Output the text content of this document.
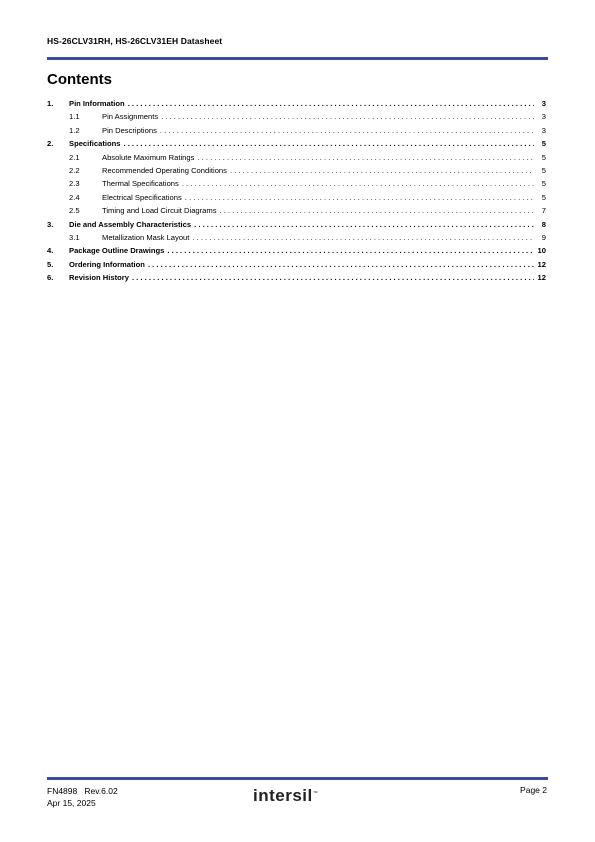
HS-26CLV31RH, HS-26CLV31EH Datasheet
Contents
1. Pin Information . . .	3
1.1	Pin Assignments . . .	3
1.2	Pin Descriptions . . .	3
2. Specifications . . .	5
2.1	Absolute Maximum Ratings . . .	5
2.2	Recommended Operating Conditions . . .	5
2.3	Thermal Specifications . . .	5
2.4	Electrical Specifications . . .	5
2.5	Timing and Load Circuit Diagrams . . .	7
3. Die and Assembly Characteristics . . .	8
3.1	Metallization Mask Layout . . .	9
4. Package Outline Drawings . . .	10
5. Ordering Information . . .	12
6. Revision History . . .	12
FN4898   Rev.6.02
Apr 15, 2025	intersil™	Page 2
